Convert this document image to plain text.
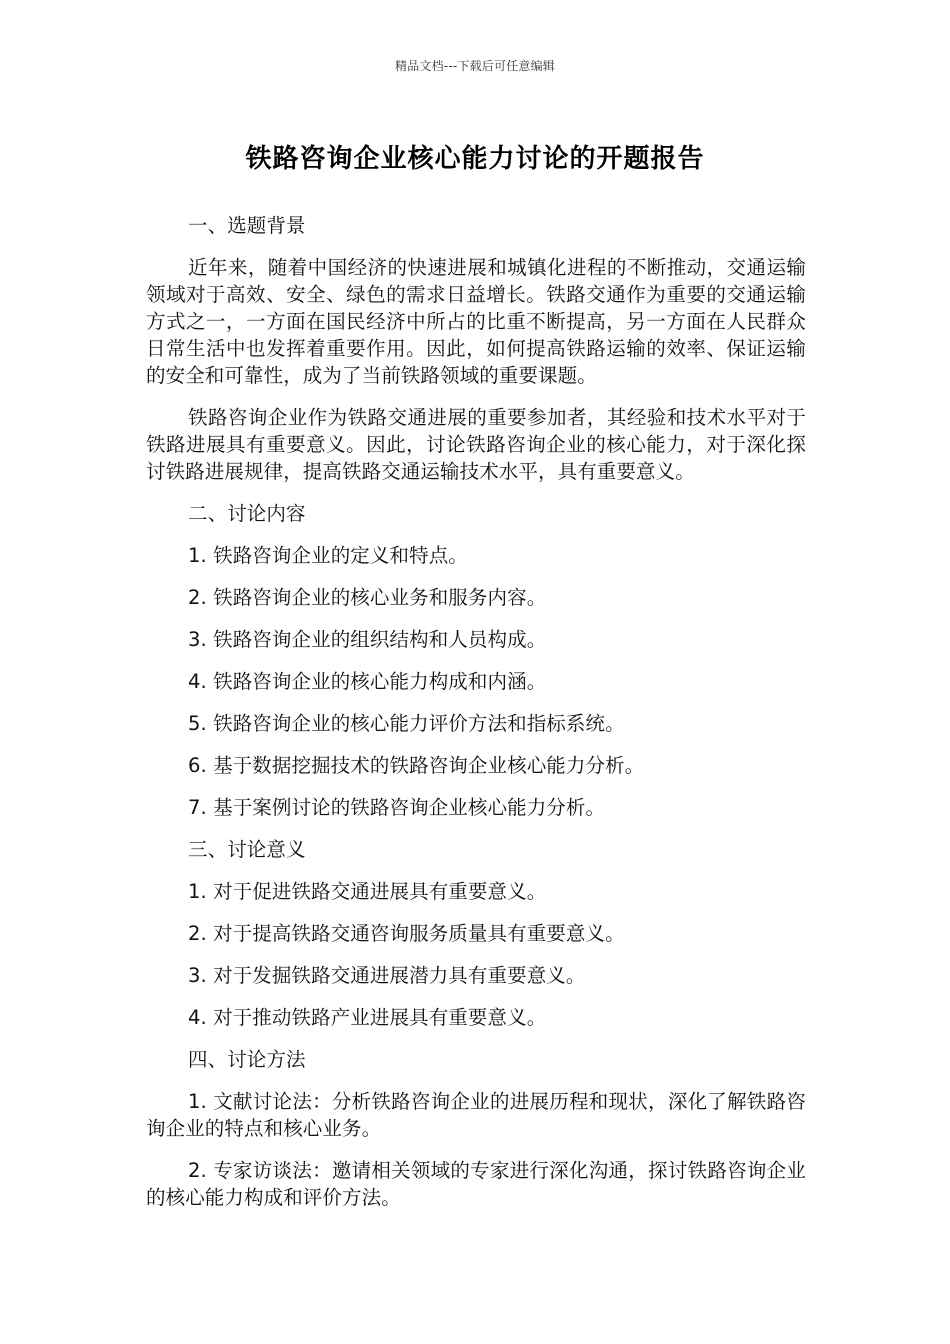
精品文档---下载后可任意编辑
铁路咨询企业核心能力讨论的开题报告

一、选题背景

近年来，随着中国经济的快速进展和城镇化进程的不断推动，交通运输领域对于高效、安全、绿色的需求日益增长。铁路交通作为重要的交通运输方式之一，一方面在国民经济中所占的比重不断提高，另一方面在人民群众日常生活中也发挥着重要作用。因此，如何提高铁路运输的效率、保证运输的安全和可靠性，成为了当前铁路领域的重要课题。

铁路咨询企业作为铁路交通进展的重要参加者，其经验和技术水平对于铁路进展具有重要意义。因此，讨论铁路咨询企业的核心能力，对于深化探讨铁路进展规律，提高铁路交通运输技术水平，具有重要意义。

二、讨论内容

1. 铁路咨询企业的定义和特点。

2. 铁路咨询企业的核心业务和服务内容。

3. 铁路咨询企业的组织结构和人员构成。

4. 铁路咨询企业的核心能力构成和内涵。

5. 铁路咨询企业的核心能力评价方法和指标系统。

6. 基于数据挖掘技术的铁路咨询企业核心能力分析。

7. 基于案例讨论的铁路咨询企业核心能力分析。

三、讨论意义

1. 对于促进铁路交通进展具有重要意义。

2. 对于提高铁路交通咨询服务质量具有重要意义。

3. 对于发掘铁路交通进展潜力具有重要意义。

4. 对于推动铁路产业进展具有重要意义。

四、讨论方法

1. 文献讨论法：分析铁路咨询企业的进展历程和现状，深化了解铁路咨询企业的特点和核心业务。

2. 专家访谈法：邀请相关领域的专家进行深化沟通，探讨铁路咨询企业的核心能力构成和评价方法。
